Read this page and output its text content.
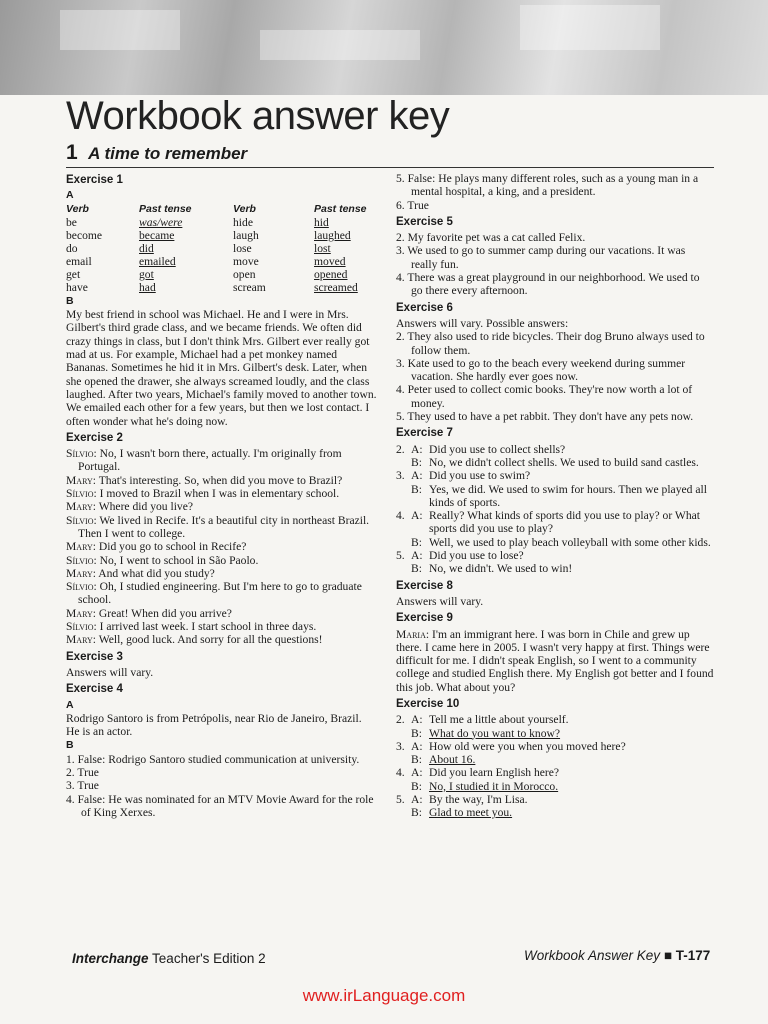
Workbook answer key
1 A time to remember
Exercise 1
A
Verb	Past tense	Verb	Past tense
be	was/were	hide	hid
become	became	laugh	laughed
do	did	lose	lost
email	emailed	move	moved
get	got	open	opened
have	had	scream	screamed
B

My best friend in school was Michael. He and I were in Mrs. Gilbert's third grade class, and we became friends. We often did crazy things in class, but I don't think Mrs. Gilbert ever really got mad at us. For example, Michael had a pet monkey named Bananas. Sometimes he hid it in Mrs. Gilbert's desk. Later, when she opened the drawer, she always screamed loudly, and the class laughed. After two years, Michael's family moved to another town. We emailed each other for a few years, but then we lost contact. I often wonder what he's doing now.

Exercise 2

Sílvio: No, I wasn't born there, actually. I'm originally from Portugal.

Mary: That's interesting. So, when did you move to Brazil?

Sílvio: I moved to Brazil when I was in elementary school.

Mary: Where did you live?

Sílvio: We lived in Recife. It's a beautiful city in northeast Brazil. Then I went to college.

Mary: Did you go to school in Recife?

Sílvio: No, I went to school in São Paolo.

Mary: And what did you study?

Sílvio: Oh, I studied engineering. But I'm here to go to graduate school.

Mary: Great! When did you arrive?

Sílvio: I arrived last week. I start school in three days.

Mary: Well, good luck. And sorry for all the questions!

Exercise 3

Answers will vary.

Exercise 4
A

Rodrigo Santoro is from Petrópolis, near Rio de Janeiro, Brazil.

He is an actor.

B

1. False: Rodrigo Santoro studied communication at university.

2. True

3. True

4. False: He was nominated for an MTV Movie Award for the role of King Xerxes.

5. False: He plays many different roles, such as a young man in a mental hospital, a king, and a president.

6. True

Exercise 5

2. My favorite pet was a cat called Felix.

3. We used to go to summer camp during our vacations. It was really fun.

4. There was a great playground in our neighborhood. We used to go there every afternoon.

Exercise 6

Answers will vary. Possible answers:

2. They also used to ride bicycles. Their dog Bruno always used to follow them.

3. Kate used to go to the beach every weekend during summer vacation. She hardly ever goes now.

4. Peter used to collect comic books. They're now worth a lot of money.

5. They used to have a pet rabbit. They don't have any pets now.

Exercise 7
2. A: Did you use to collect shells?
B: No, we didn't collect shells. We used to build sand castles.
3. A: Did you use to swim?
B: Yes, we did. We used to swim for hours. Then we played all kinds of sports.
4. A: Really? What kinds of sports did you use to play? or What sports did you use to play?
B: Well, we used to play beach volleyball with some other kids.
5. A: Did you use to lose?
B: No, we didn't. We used to win!
Exercise 8

Answers will vary.

Exercise 9

Maria: I'm an immigrant here. I was born in Chile and grew up there. I came here in 2005. I wasn't very happy at first. Things were difficult for me. I didn't speak English, so I went to a community college and studied English there. My English got better and I found this job. What about you?

Exercise 10
2. A: Tell me a little about yourself.
B: What do you want to know?
3. A: How old were you when you moved here?
B: About 16.
4. A: Did you learn English here?
B: No, I studied it in Morocco.
5. A: By the way, I'm Lisa.
B: Glad to meet you.
Interchange Teacher's Edition 2	Workbook Answer Key ■ T-177
www.irLanguage.com
